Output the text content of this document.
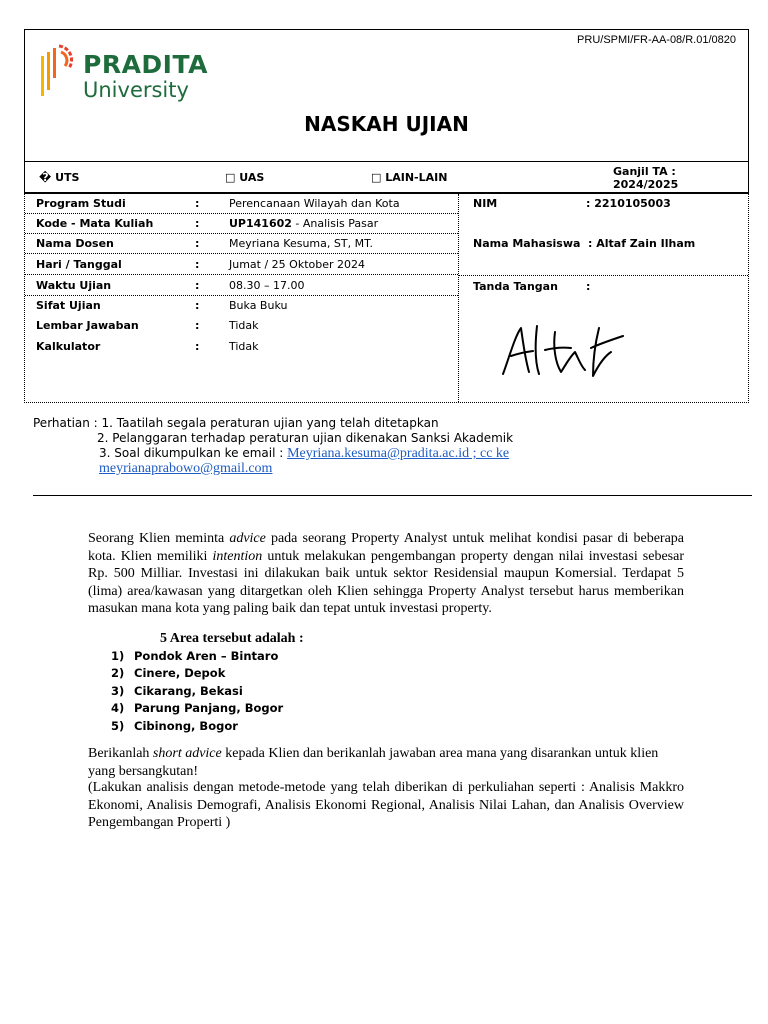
PRU/SPMI/FR-AA-08/R.01/0820
PRADITA
University
NASKAH UJIAN
� UTS	□ UAS	□ LAIN-LAIN	Ganjil TA :
2024/2025
Program Studi	:	Perencanaan Wilayah dan Kota
Kode - Mata Kuliah	:	UP141602 - Analisis Pasar
Nama Dosen	:	Meyriana Kesuma, ST, MT.
Hari / Tanggal	:	Jumat / 25 Oktober 2024
Waktu Ujian	:	08.30 – 17.00
Sifat Ujian	:	Buka Buku
Lembar Jawaban	:	Tidak
Kalkulator	:	Tidak
NIM	: 2210105003
Nama Mahasiswa : Altaf Zain Ilham
Tanda Tangan	:
Perhatian : 1. Taatilah segala peraturan ujian yang telah ditetapkan
2. Pelanggaran terhadap peraturan ujian dikenakan Sanksi Akademik
3. Soal dikumpulkan ke email : Meyriana.kesuma@pradita.ac.id ; cc ke
meyrianaprabowo@gmail.com
Seorang Klien meminta advice pada seorang Property Analyst untuk melihat kondisi pasar di beberapa kota. Klien memiliki intention untuk melakukan pengembangan property dengan nilai investasi sebesar Rp. 500 Milliar. Investasi ini dilakukan baik untuk sektor Residensial maupun Komersial. Terdapat 5 (lima) area/kawasan yang ditargetkan oleh Klien sehingga Property Analyst tersebut harus memberikan masukan mana kota yang paling baik dan tepat untuk investasi property.
5 Area tersebut adalah :
1) Pondok Aren – Bintaro
2) Cinere, Depok
3) Cikarang, Bekasi
4) Parung Panjang, Bogor
5) Cibinong, Bogor
Berikanlah short advice kepada Klien dan berikanlah jawaban area mana yang disarankan untuk klien yang bersangkutan!
(Lakukan analisis dengan metode-metode yang telah diberikan di perkuliahan seperti : Analisis Makkro Ekonomi, Analisis Demografi, Analisis Ekonomi Regional, Analisis Nilai Lahan, dan Analisis Overview Pengembangan Properti )
